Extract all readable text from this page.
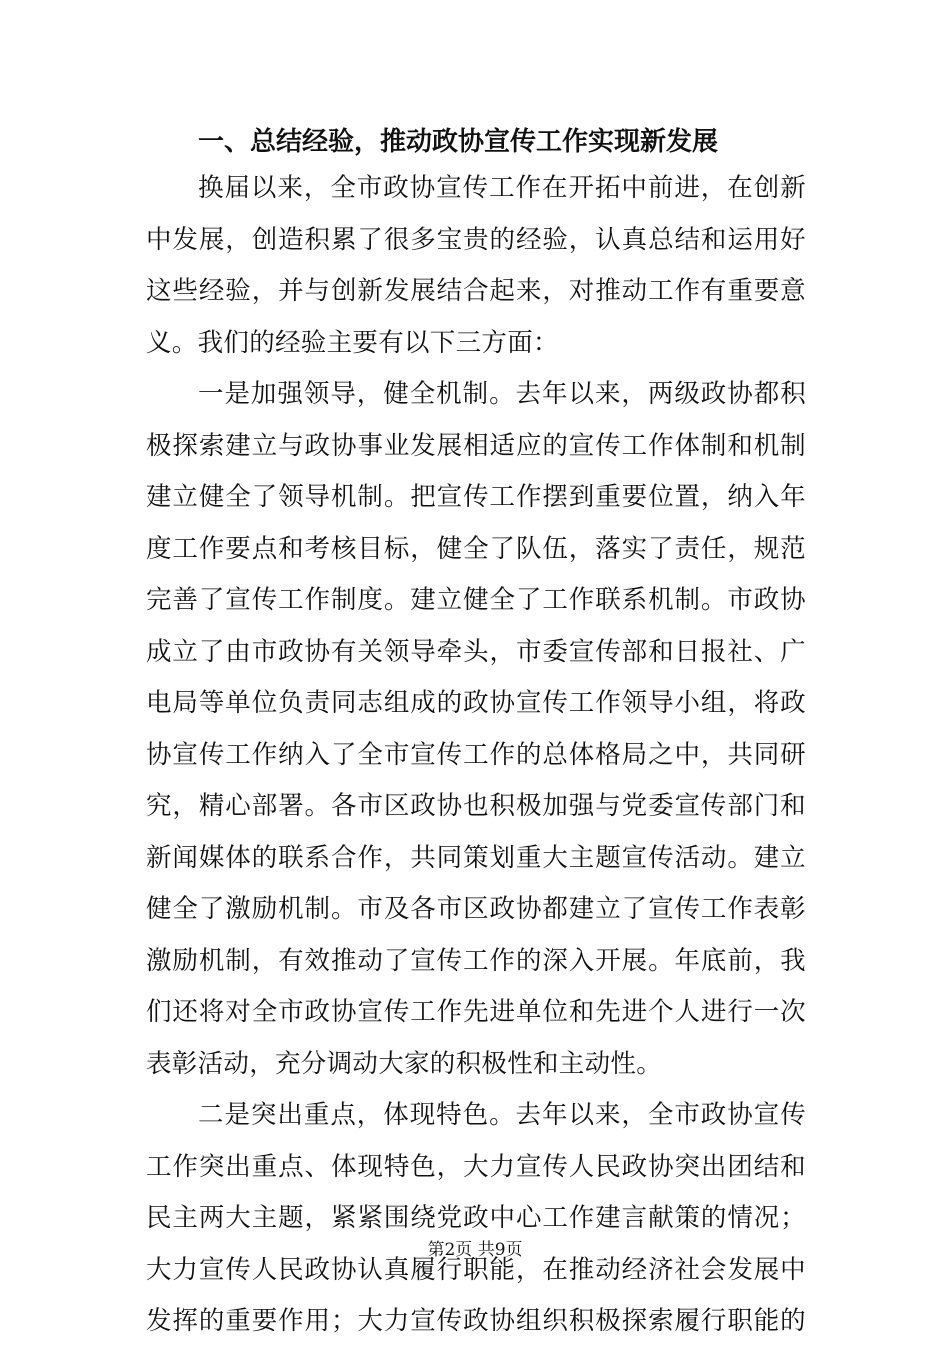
一、总结经验，推动政协宣传工作实现新发展
换届以来，全市政协宣传工作在开拓中前进，在创新
中发展，创造积累了很多宝贵的经验，认真总结和运用好
这些经验，并与创新发展结合起来，对推动工作有重要意
义。我们的经验主要有以下三方面：
一是加强领导，健全机制。去年以来，两级政协都积
极探索建立与政协事业发展相适应的宣传工作体制和机制
建立健全了领导机制。把宣传工作摆到重要位置，纳入年
度工作要点和考核目标，健全了队伍，落实了责任，规范
完善了宣传工作制度。建立健全了工作联系机制。市政协
成立了由市政协有关领导牵头，市委宣传部和日报社、广
电局等单位负责同志组成的政协宣传工作领导小组，将政
协宣传工作纳入了全市宣传工作的总体格局之中，共同研
究，精心部署。各市区政协也积极加强与党委宣传部门和
新闻媒体的联系合作，共同策划重大主题宣传活动。建立
健全了激励机制。市及各市区政协都建立了宣传工作表彰
激励机制，有效推动了宣传工作的深入开展。年底前，我
们还将对全市政协宣传工作先进单位和先进个人进行一次
表彰活动，充分调动大家的积极性和主动性。
二是突出重点，体现特色。去年以来，全市政协宣传
工作突出重点、体现特色，大力宣传人民政协突出团结和
民主两大主题，紧紧围绕党政中心工作建言献策的情况；
大力宣传人民政协认真履行职能，在推动经济社会发展中
发挥的重要作用；大力宣传政协组织积极探索履行职能的
第2页 共9页
